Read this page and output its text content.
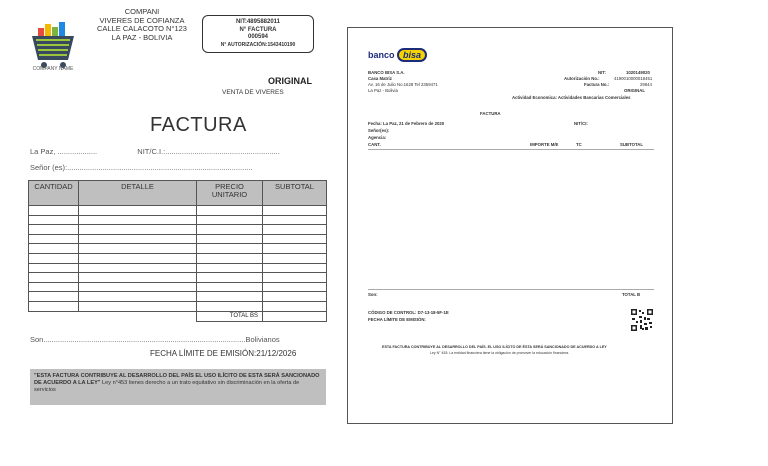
COMPANY NAME
COMPANI
VIVERES DE COFIANZA
CALLE CALACOTO N°123
LA PAZ - BOLIVIA
NIT:4895882011
N° FACTURA
000594
N° AUTORIZACIÓN:1543410190
ORIGINAL
VENTA DE VIVERES
FACTURA
La Paz, ...................	NIT/C.I.:.......................................................
Señor (es):.........................................................................................
CANTIDAD	DETALLE	PRECIO UNITARIO	SUBTOTAL

		TOTAL BS	
Son.................................................................................................Bolivianos
FECHA LÍMITE DE EMISIÓN:21/12/2026
"ESTA FACTURA CONTRIBUYE AL DESARROLLO DEL PAÍS EL USO ILÍCITO DE ESTA SERÁ SANCIONADO DE ACUERDO A LA LEY" Ley n°453 tienes derecho a un trato equitativo sin discriminación en la oferta de servicios
banco bisa
BANCO BISA S.A.
Casa Matriz
Av. 16 de Julio No.1628 Tel 2359471
La Paz - Bolivia
NIT:	1020149020
Autorización No.:	4190010000018451
Factura No.:	29844
ORIGINAL
Actividad Economica: Actividades Bancarias Comerciales
FACTURA
Fecha: La Paz, 21 de Febrero de 2020	NIT/CI:
Señor(es):
Agencia:
CANT.	IMPORTE M/E	TC	SUBTOTAL
Son:	TOTAL B
CÓDIGO DE CONTROL: D7-13-18-5F-1E
FECHA LÍMITE DE EMISIÓN:
ESTA FACTURA CONTRIBUYE AL DESARROLLO DEL PAÍS. EL USO ILÍCITO DE ÉSTA SERÁ SANCIONADO DE ACUERDO A LEY
Ley N° 453: La entidad financiera tiene la obligación de promover la educación financiera.
